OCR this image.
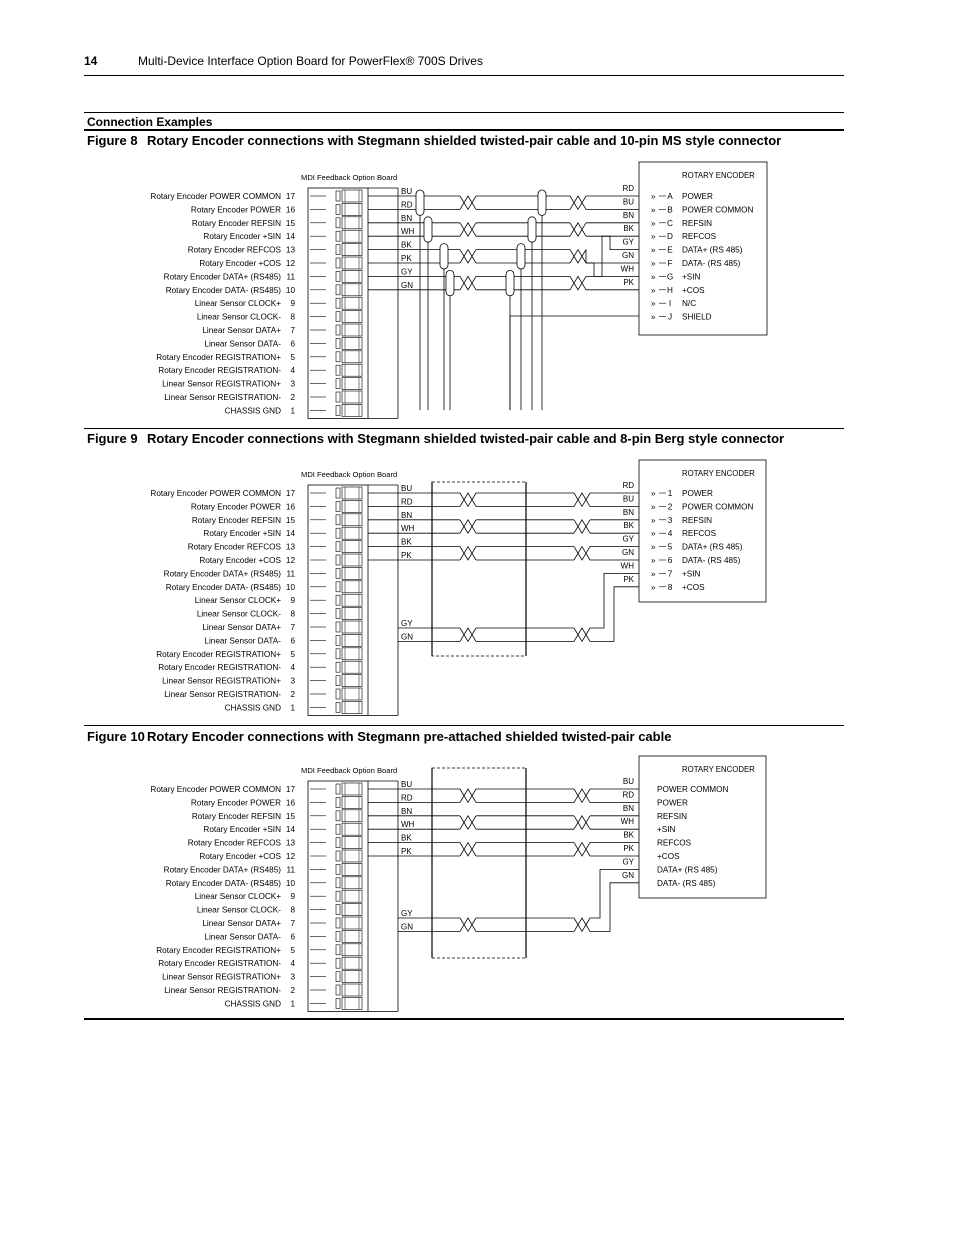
14	Multi-Device Interface Option Board for PowerFlex® 700S Drives
Connection Examples
Figure 8 Rotary Encoder connections with Stegmann shielded twisted-pair cable and 10-pin MS style connector
MDI Feedback Option Board
Rotary Encoder POWER COMMON 17
Rotary Encoder POWER 16
Rotary Encoder REFSIN 15
Rotary Encoder +SIN 14
Rotary Encoder REFCOS 13
Rotary Encoder +COS 12
Rotary Encoder DATA+ (RS485) 11
Rotary Encoder DATA- (RS485) 10
Linear Sensor CLOCK+ 9
Linear Sensor CLOCK- 8
Linear Sensor DATA+ 7
Linear Sensor DATA- 6
Rotary Encoder REGISTRATION+ 5
Rotary Encoder REGISTRATION- 4
Linear Sensor REGISTRATION+ 3
Linear Sensor REGISTRATION- 2
CHASSIS GND 1
ROTARY ENCODER
BU
RD
BN
WH
BK
PK
GY
GN
RD
BU
BN
BK
GY
GN
WH
PK
» A POWER
» B POWER COMMON
» C REFSIN
» D REFCOS
» E DATA+ (RS 485)
» F DATA- (RS 485)
» G +SIN
» H +COS
» I N/C
» J SHIELD
Figure 9 Rotary Encoder connections with Stegmann shielded twisted-pair cable and 8-pin Berg style connector
MDI Feedback Option Board
Rotary Encoder POWER COMMON 17
Rotary Encoder POWER 16
Rotary Encoder REFSIN 15
Rotary Encoder +SIN 14
Rotary Encoder REFCOS 13
Rotary Encoder +COS 12
Rotary Encoder DATA+ (RS485) 11
Rotary Encoder DATA- (RS485) 10
Linear Sensor CLOCK+ 9
Linear Sensor CLOCK- 8
Linear Sensor DATA+ 7
Linear Sensor DATA- 6
Rotary Encoder REGISTRATION+ 5
Rotary Encoder REGISTRATION- 4
Linear Sensor REGISTRATION+ 3
Linear Sensor REGISTRATION- 2
CHASSIS GND 1
ROTARY ENCODER
BU
RD
BN
WH
BK
PK
GY
GN
RD
BU
BN
BK
GY
GN
WH
PK
» 1 POWER
» 2 POWER COMMON
» 3 REFSIN
» 4 REFCOS
» 5 DATA+ (RS 485)
» 6 DATA- (RS 485)
» 7 +SIN
» 8 +COS
Figure 10 Rotary Encoder connections with Stegmann pre-attached shielded twisted-pair cable
MDI Feedback Option Board
Rotary Encoder POWER COMMON 17
Rotary Encoder POWER 16
Rotary Encoder REFSIN 15
Rotary Encoder +SIN 14
Rotary Encoder REFCOS 13
Rotary Encoder +COS 12
Rotary Encoder DATA+ (RS485) 11
Rotary Encoder DATA- (RS485) 10
Linear Sensor CLOCK+ 9
Linear Sensor CLOCK- 8
Linear Sensor DATA+ 7
Linear Sensor DATA- 6
Rotary Encoder REGISTRATION+ 5
Rotary Encoder REGISTRATION- 4
Linear Sensor REGISTRATION+ 3
Linear Sensor REGISTRATION- 2
CHASSIS GND 1
ROTARY ENCODER
BU
RD
BN
WH
BK
PK
GY
GN
BU
RD
BN
WH
BK
PK
GY
GN
POWER COMMON
POWER
REFSIN
+SIN
REFCOS
+COS
DATA+ (RS 485)
DATA- (RS 485)
